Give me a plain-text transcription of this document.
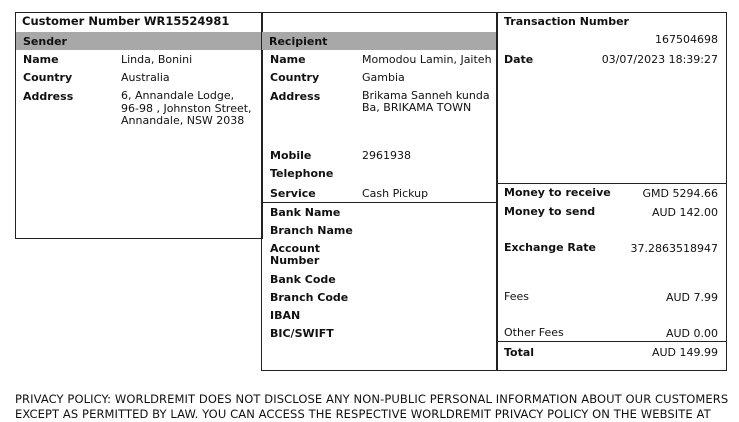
Customer Number WR15524981
Sender
Name	Linda, Bonini
Country	Australia
Address	6, Annandale Lodge,
96-98 , Johnston Street,
Annandale, NSW 2038
Recipient
Name	Momodou Lamin, Jaiteh
Country	Gambia
Address	Brikama Sanneh kunda
Ba, BRIKAMA TOWN
Mobile	2961938
Telephone
Service	Cash Pickup
Bank Name
Branch Name
Account
Number
Bank Code
Branch Code
IBAN
BIC/SWIFT
Transaction Number
167504698
Date	03/07/2023 18:39:27
Money to receive	GMD 5294.66
Money to send	AUD 142.00
Exchange Rate	37.2863518947
Fees	AUD 7.99
Other Fees	AUD 0.00
Total	AUD 149.99
PRIVACY POLICY: WORLDREMIT DOES NOT DISCLOSE ANY NON-PUBLIC PERSONAL INFORMATION ABOUT OUR CUSTOMERS
EXCEPT AS PERMITTED BY LAW. YOU CAN ACCESS THE RESPECTIVE WORLDREMIT PRIVACY POLICY ON THE WEBSITE AT
